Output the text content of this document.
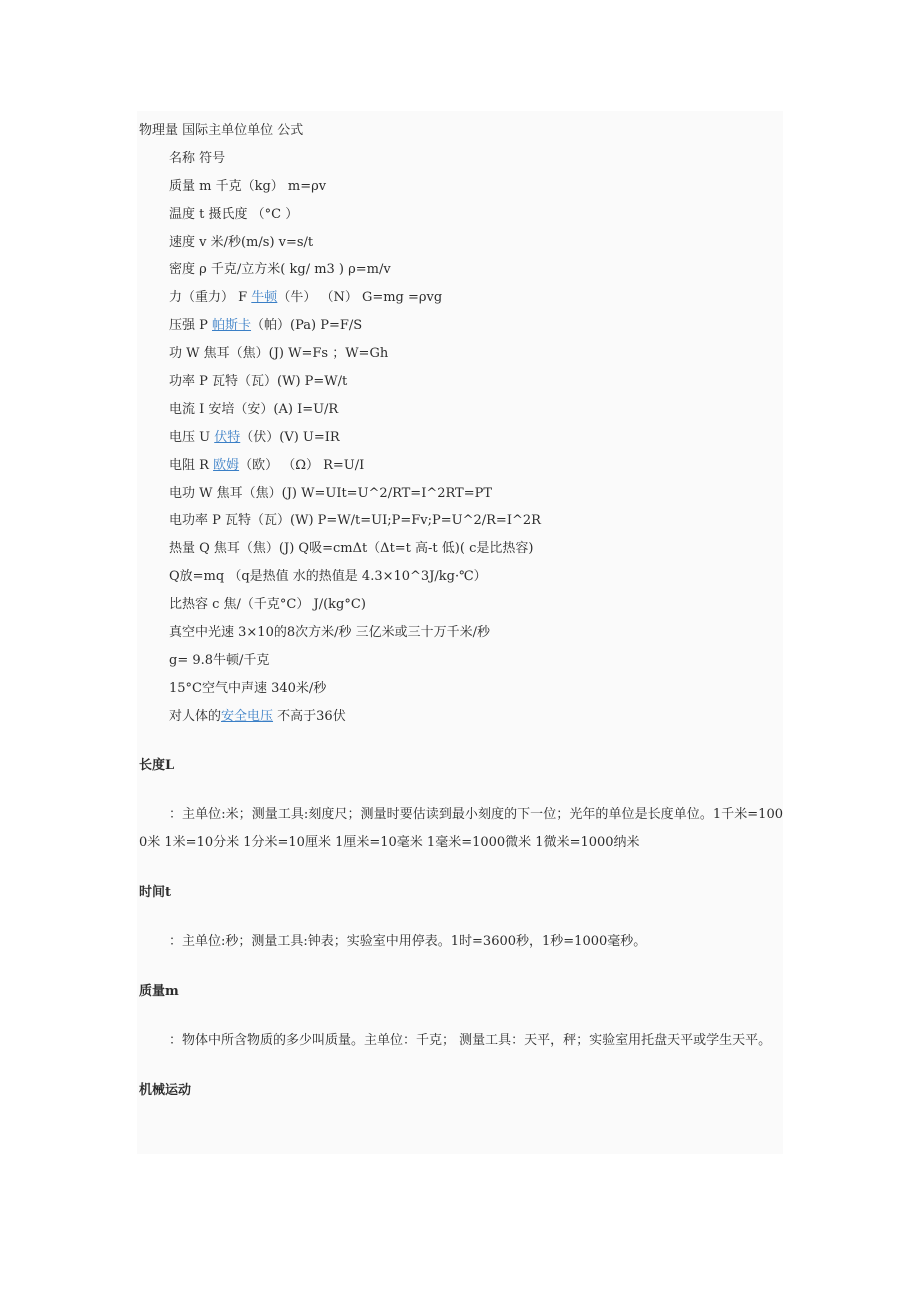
物理量 国际主单位单位 公式
名称 符号
质量 m 千克（kg） m=ρv
温度 t 摄氏度 （°C ）
速度 v 米/秒(m/s) v=s/t
密度 ρ 千克/立方米( kg/ m3 ) ρ=m/v
力（重力） F 牛顿（牛） （N） G=mg =ρvg
压强 P 帕斯卡（帕）(Pa) P=F/S
功 W 焦耳（焦）(J) W=Fs ；W=Gh
功率 P 瓦特（瓦）(W) P=W/t
电流 I 安培（安）(A) I=U/R
电压 U 伏特（伏）(V) U=IR
电阻 R 欧姆（欧） （Ω） R=U/I
电功 W 焦耳（焦）(J) W=UIt=U^2/RT=I^2RT=PT
电功率 P 瓦特（瓦）(W) P=W/t=UI;P=Fv;P=U^2/R=I^2R
热量 Q 焦耳（焦）(J) Q吸=cmΔt（Δt=t 高-t 低)( c是比热容)
Q放=mq （q是热值 水的热值是 4.3×10^3J/kg·℃）
比热容 c 焦/（千克°C） J/(kg°C)
真空中光速 3×10的8次方米/秒 三亿米或三十万千米/秒
g= 9.8牛顿/千克
15°C空气中声速 340米/秒
对人体的安全电压 不高于36伏
长度L

：主单位:米；测量工具:刻度尺；测量时要估读到最小刻度的下一位；光年的单位是长度单位。1千米=1000米 1米=10分米 1分米=10厘米 1厘米=10毫米 1毫米=1000微米 1微米=1000纳米

时间t

：主单位:秒；测量工具:钟表；实验室中用停表。1时=3600秒，1秒=1000毫秒。

质量m

：物体中所含物质的多少叫质量。主单位：千克； 测量工具：天平，秤；实验室用托盘天平或学生天平。

机械运动
